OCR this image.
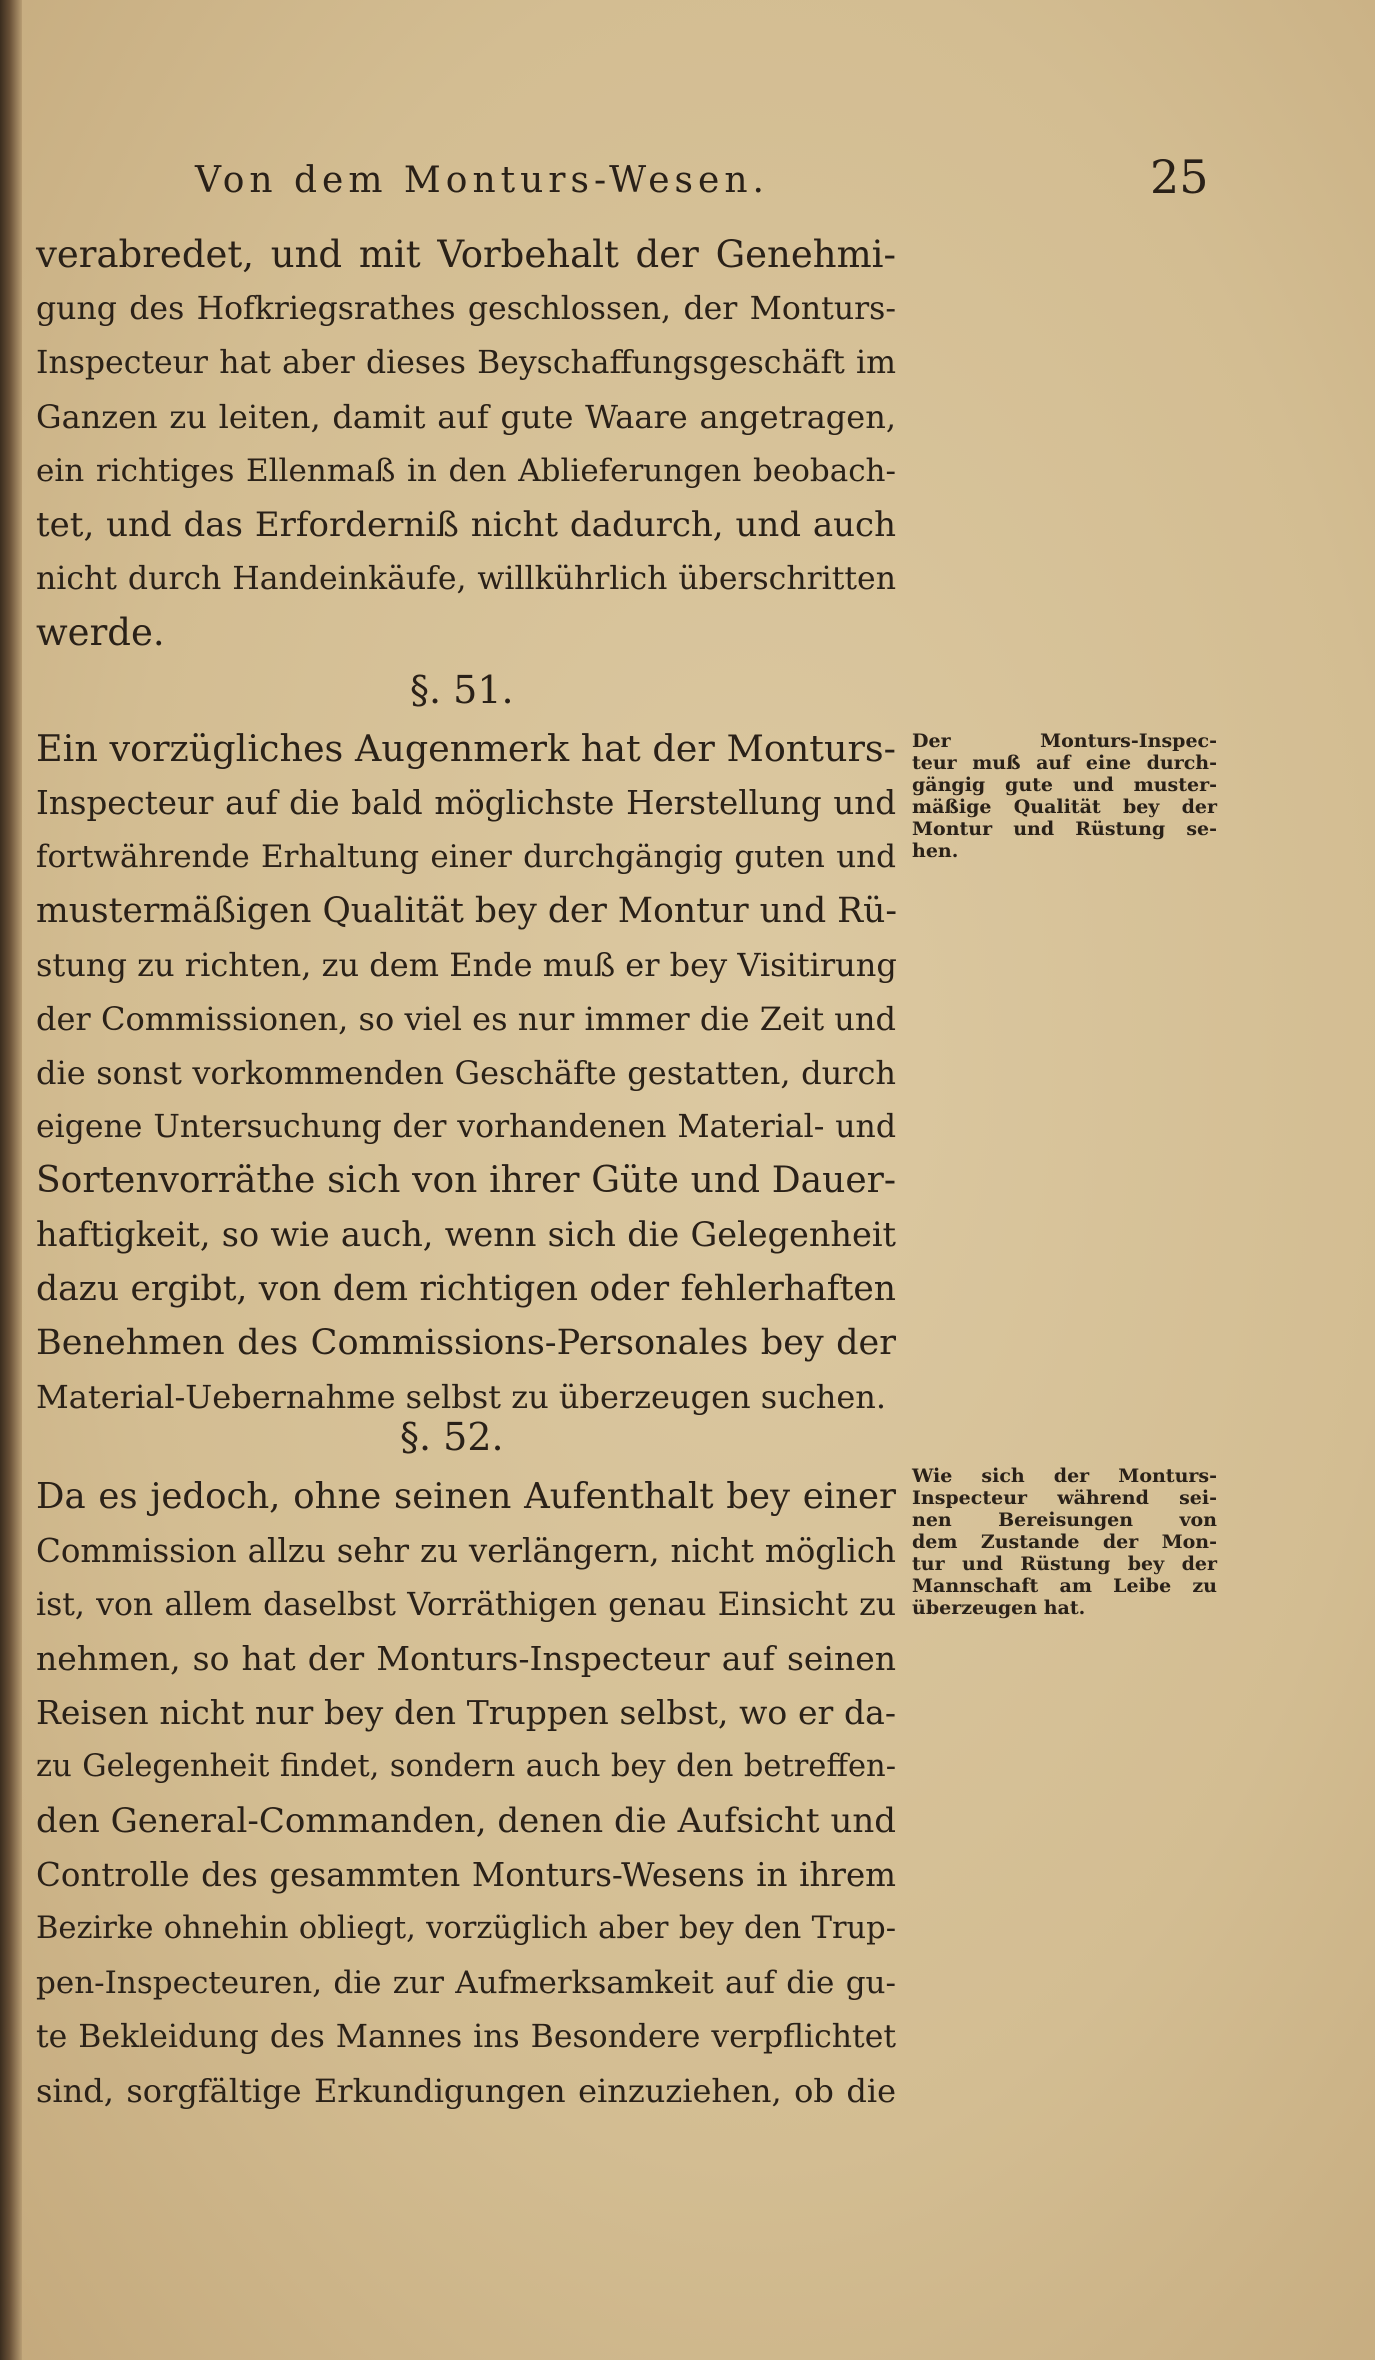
Von dem Monturs-Wesen.	25
verabredet, und mit Vorbehalt der Genehmi-
gung des Hofkriegsrathes geschlossen, der Monturs-
Inspecteur hat aber dieses Beyschaffungsgeschäft im
Ganzen zu leiten, damit auf gute Waare angetragen,
ein richtiges Ellenmaß in den Ablieferungen beobach-
tet, und das Erforderniß nicht dadurch, und auch
nicht durch Handeinkäufe, willkührlich überschritten
werde.
§. 51.
Ein vorzügliches Augenmerk hat der Monturs-
Inspecteur auf die bald möglichste Herstellung und
fortwährende Erhaltung einer durchgängig guten und
mustermäßigen Qualität bey der Montur und Rü-
stung zu richten, zu dem Ende muß er bey Visitirung
der Commissionen, so viel es nur immer die Zeit und
die sonst vorkommenden Geschäfte gestatten, durch
eigene Untersuchung der vorhandenen Material- und
Sortenvorräthe sich von ihrer Güte und Dauer-
haftigkeit, so wie auch, wenn sich die Gelegenheit
dazu ergibt, von dem richtigen oder fehlerhaften
Benehmen des Commissions-Personales bey der
Material-Uebernahme selbst zu überzeugen suchen.
Der Monturs-Inspec-
teur muß auf eine durch-
gängig gute und muster-
mäßige Qualität bey der
Montur und Rüstung se-
hen.
§. 52.
Da es jedoch, ohne seinen Aufenthalt bey einer
Commission allzu sehr zu verlängern, nicht möglich
ist, von allem daselbst Vorräthigen genau Einsicht zu
nehmen, so hat der Monturs-Inspecteur auf seinen
Reisen nicht nur bey den Truppen selbst, wo er da-
zu Gelegenheit findet, sondern auch bey den betreffen-
den General-Commanden, denen die Aufsicht und
Controlle des gesammten Monturs-Wesens in ihrem
Bezirke ohnehin obliegt, vorzüglich aber bey den Trup-
pen-Inspecteuren, die zur Aufmerksamkeit auf die gu-
te Bekleidung des Mannes ins Besondere verpflichtet
sind, sorgfältige Erkundigungen einzuziehen, ob die
Wie sich der Monturs-
Inspecteur während sei-
nen Bereisungen von
dem Zustande der Mon-
tur und Rüstung bey der
Mannschaft am Leibe zu
überzeugen hat.
